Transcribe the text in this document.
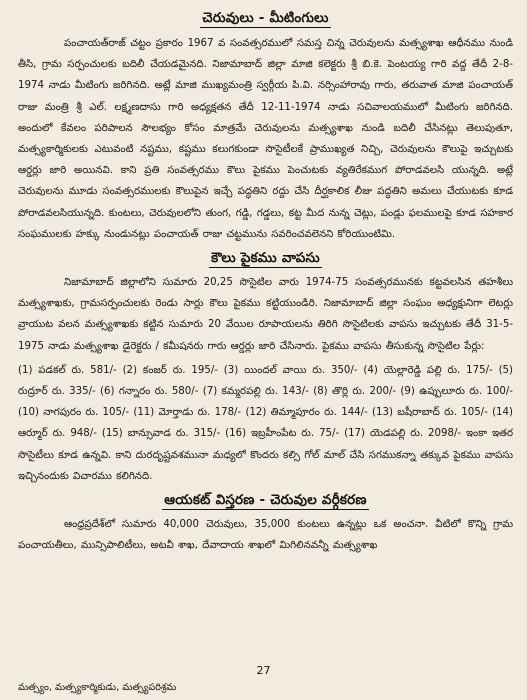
చెరువులు - మీటింగులు

పంచాయత్‌రాజ్ చట్టం ప్రకారం 1967 వ సంవత్సరములో సమస్త చిన్న చెరువులను మత్స్యశాఖ ఆధీనము నుండి తీసి, గ్రామ సర్పంచులకు బదిలీ చేయడమైనది. నిజామాబాద్ జిల్లా మాజి కలెక్టరు శ్రీ బి.కె. పెంటయ్య గారి వద్ద తేదీ 2-8-1974 నాడు మీటింగు జరిగినది. అట్లే మాజి ముఖ్యమంత్రి స్వర్గీయ పి.వి. నర్సింహారావు గారు, తరువాత మాజి పంచాయత్ రాజు మంత్రి శ్రీ ఎల్. లక్ష్మణదాసు గారి అధ్యక్షతన తేదీ 12-11-1974 నాడు సచివాలయములో మీటింగు జరిగినది. అందులో కేవలం పరిపాలన సౌలభ్యం కోసం మాత్రమే చెరువులను మత్స్యశాఖ నుండి బదిలీ చేసినట్లు తెలుపుతూ, మత్స్యకార్మికులకు ఎటువంటి నష్టము, కష్టము కలుగకుండా సొసైటీలకే ప్రాముఖ్యత నిచ్చి, చెరువులను కౌలుపై ఇచ్చుటకు ఆర్డర్లు జారి అయినవి. కాని ప్రతి సంవత్సరము కౌలు పైకము పెంచుటకు వ్యతిరేకముగ పోరాడవలసి యున్నది. అట్లే చెరువులను మూడు సంవత్సరములకు కౌలుపైన ఇచ్చే పద్ధతిని రద్దు చేసి దీర్ఘకాలిక లీజు పద్ధతిని అమలు చేయుటకు కూడ పోరాడవలసియున్నది. కుంటలు, చెరువులలోని తుంగ, గడ్డి, గడ్డలు, కట్ట మీద నున్న చెట్లు, పండ్లు ఫలములపై కూడ సహకార సంఘములకు హక్కు నుండునట్లు పంచాయత్ రాజు చట్టమును సవరించవలెనని కోరియుంటిమి.

కౌలు పైకము వాపసు

నిజామాబాద్ జిల్లాలోని సుమారు 20,25 సొసైటిల వారు 1974-75 సంవత్సరమునకు కట్టవలసిన తహశీలు మత్స్యశాఖకు, గ్రామసర్పంచులకు రెండు సార్లు కౌలు పైకము కట్టియుండిరి. నిజామాబాద్ జిల్లా సంఘం అధ్యక్షునిగా లెటర్లు వ్రాయుట వలన మత్స్యశాఖకు కట్టిన సుమారు 20 వేయిల రూపాయలను తిరిగి సొసైటిలకు వాపసు ఇచ్చుటకు తేదీ 31-5-1975 నాడు మత్స్యశాఖ డైరెక్టరు / కమీషనరు గారు ఆర్డర్లు జారి చేసినారు. పైకము వాపసు తీసుకున్న సొసైటిల పేర్లు:

(1) పడకల్ రు. 581/- (2) కంజర్ రు. 195/- (3) యిందల్ వాయి రు. 350/- (4) యెల్లారెడ్డి పల్లి రు. 175/- (5) రుద్రూర్ రు. 335/- (6) గన్నారం రు. 580/- (7) కమ్మరపల్లి రు. 143/- (8) తొర్లి రు. 200/- (9) ఉప్పులూరు రు. 100/- (10) నాగపురం రు. 105/- (11) మోర్తాడు రు. 178/- (12) తిమ్మాపూరం రు. 144/- (13) బషీరాబాద్ రు. 105/- (14) ఆర్మూర్ రు. 948/- (15) బాన్సువాడ రు. 315/- (16) ఇబ్రహీంపేట రు. 75/- (17) యెడపల్లి రు. 2098/- ఇంకా ఇతర సొసైటీలు కూడ ఉన్నవి. కాని దురదృష్టవశమునా మధ్యలో కొందరు కల్సి గోల్ మాల్ చేసి సగముకన్నా తక్కువ పైకము వాపసు ఇచ్చినందుకు విచారము కలిగినది.

ఆయకట్ విస్తరణ - చెరువుల వర్గీకరణ

ఆంధ్రప్రదేశ్‌లో సుమారు 40,000 చెరువులు, 35,000 కుంటలు ఉన్నట్లు ఒక అంచనా. వీటిలో కొన్ని గ్రామ పంచాయతీలు, మున్సిపాలిటీలు, అటవీ శాఖ, దేవాదాయ శాఖలో మిగిలినవన్నీ మత్స్యశాఖ

27
మత్స్యం, మత్స్యకార్మికుడు, మత్స్యపరిశ్రమ
